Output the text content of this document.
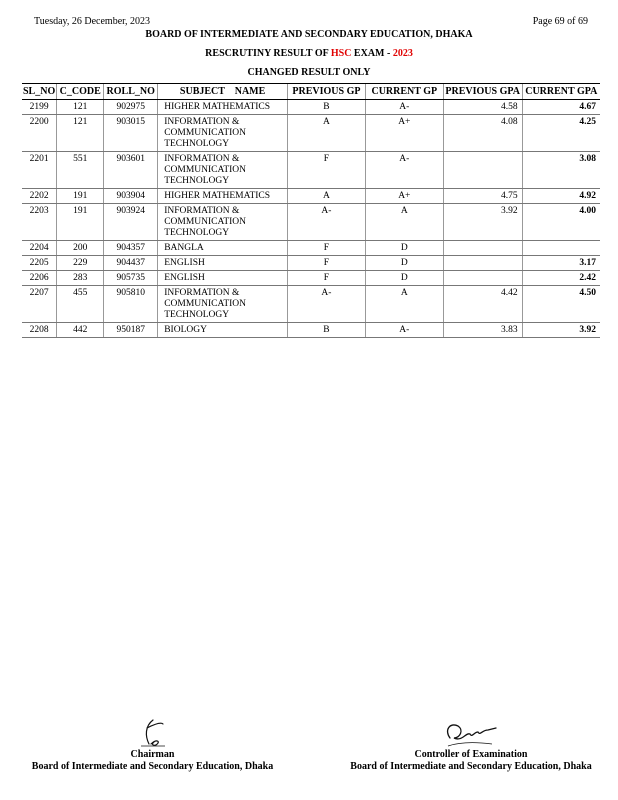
Tuesday, 26 December, 2023	Page 69 of 69
BOARD OF INTERMEDIATE AND SECONDARY EDUCATION, DHAKA
RESCRUTINY RESULT OF HSC EXAM - 2023
CHANGED RESULT ONLY
SL_NO	C_CODE	ROLL_NO	SUBJECT    NAME	PREVIOUS GP	CURRENT GP	PREVIOUS GPA	CURRENT GPA
2199	121	902975	HIGHER MATHEMATICS	B	A-	4.58	4.67
2200	121	903015	INFORMATION & COMMUNICATION TECHNOLOGY	A	A+	4.08	4.25
2201	551	903601	INFORMATION & COMMUNICATION TECHNOLOGY	F	A-		3.08
2202	191	903904	HIGHER MATHEMATICS	A	A+	4.75	4.92
2203	191	903924	INFORMATION & COMMUNICATION TECHNOLOGY	A-	A	3.92	4.00
2204	200	904357	BANGLA	F	D		
2205	229	904437	ENGLISH	F	D		3.17
2206	283	905735	ENGLISH	F	D		2.42
2207	455	905810	INFORMATION & COMMUNICATION TECHNOLOGY	A-	A	4.42	4.50
2208	442	950187	BIOLOGY	B	A-	3.83	3.92
Chairman
Board of Intermediate and Secondary Education, Dhaka
Controller of Examination
Board of Intermediate and Secondary Education, Dhaka
